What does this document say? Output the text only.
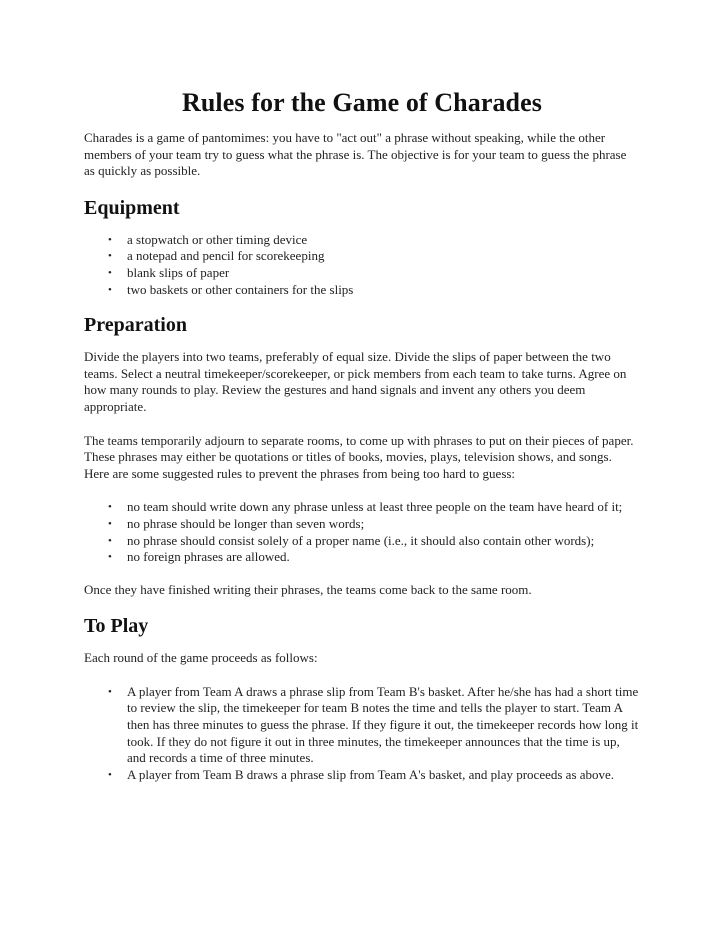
Rules for the Game of Charades

Charades is a game of pantomimes: you have to "act out" a phrase without speaking, while the other members of your team try to guess what the phrase is. The objective is for your team to guess the phrase as quickly as possible.

Equipment
• a stopwatch or other timing device
• a notepad and pencil for scorekeeping
• blank slips of paper
• two baskets or other containers for the slips
Preparation

Divide the players into two teams, preferably of equal size. Divide the slips of paper between the two teams. Select a neutral timekeeper/scorekeeper, or pick members from each team to take turns. Agree on how many rounds to play. Review the gestures and hand signals and invent any others you deem appropriate.

The teams temporarily adjourn to separate rooms, to come up with phrases to put on their pieces of paper. These phrases may either be quotations or titles of books, movies, plays, television shows, and songs. Here are some suggested rules to prevent the phrases from being too hard to guess:

• no team should write down any phrase unless at least three people on the team have heard of it;
• no phrase should be longer than seven words;
• no phrase should consist solely of a proper name (i.e., it should also contain other words);
• no foreign phrases are allowed.

Once they have finished writing their phrases, the teams come back to the same room.

To Play

Each round of the game proceeds as follows:

• A player from Team A draws a phrase slip from Team B's basket. After he/she has had a short time to review the slip, the timekeeper for team B notes the time and tells the player to start. Team A then has three minutes to guess the phrase. If they figure it out, the timekeeper records how long it took. If they do not figure it out in three minutes, the timekeeper announces that the time is up, and records a time of three minutes.
• A player from Team B draws a phrase slip from Team A's basket, and play proceeds as above.
